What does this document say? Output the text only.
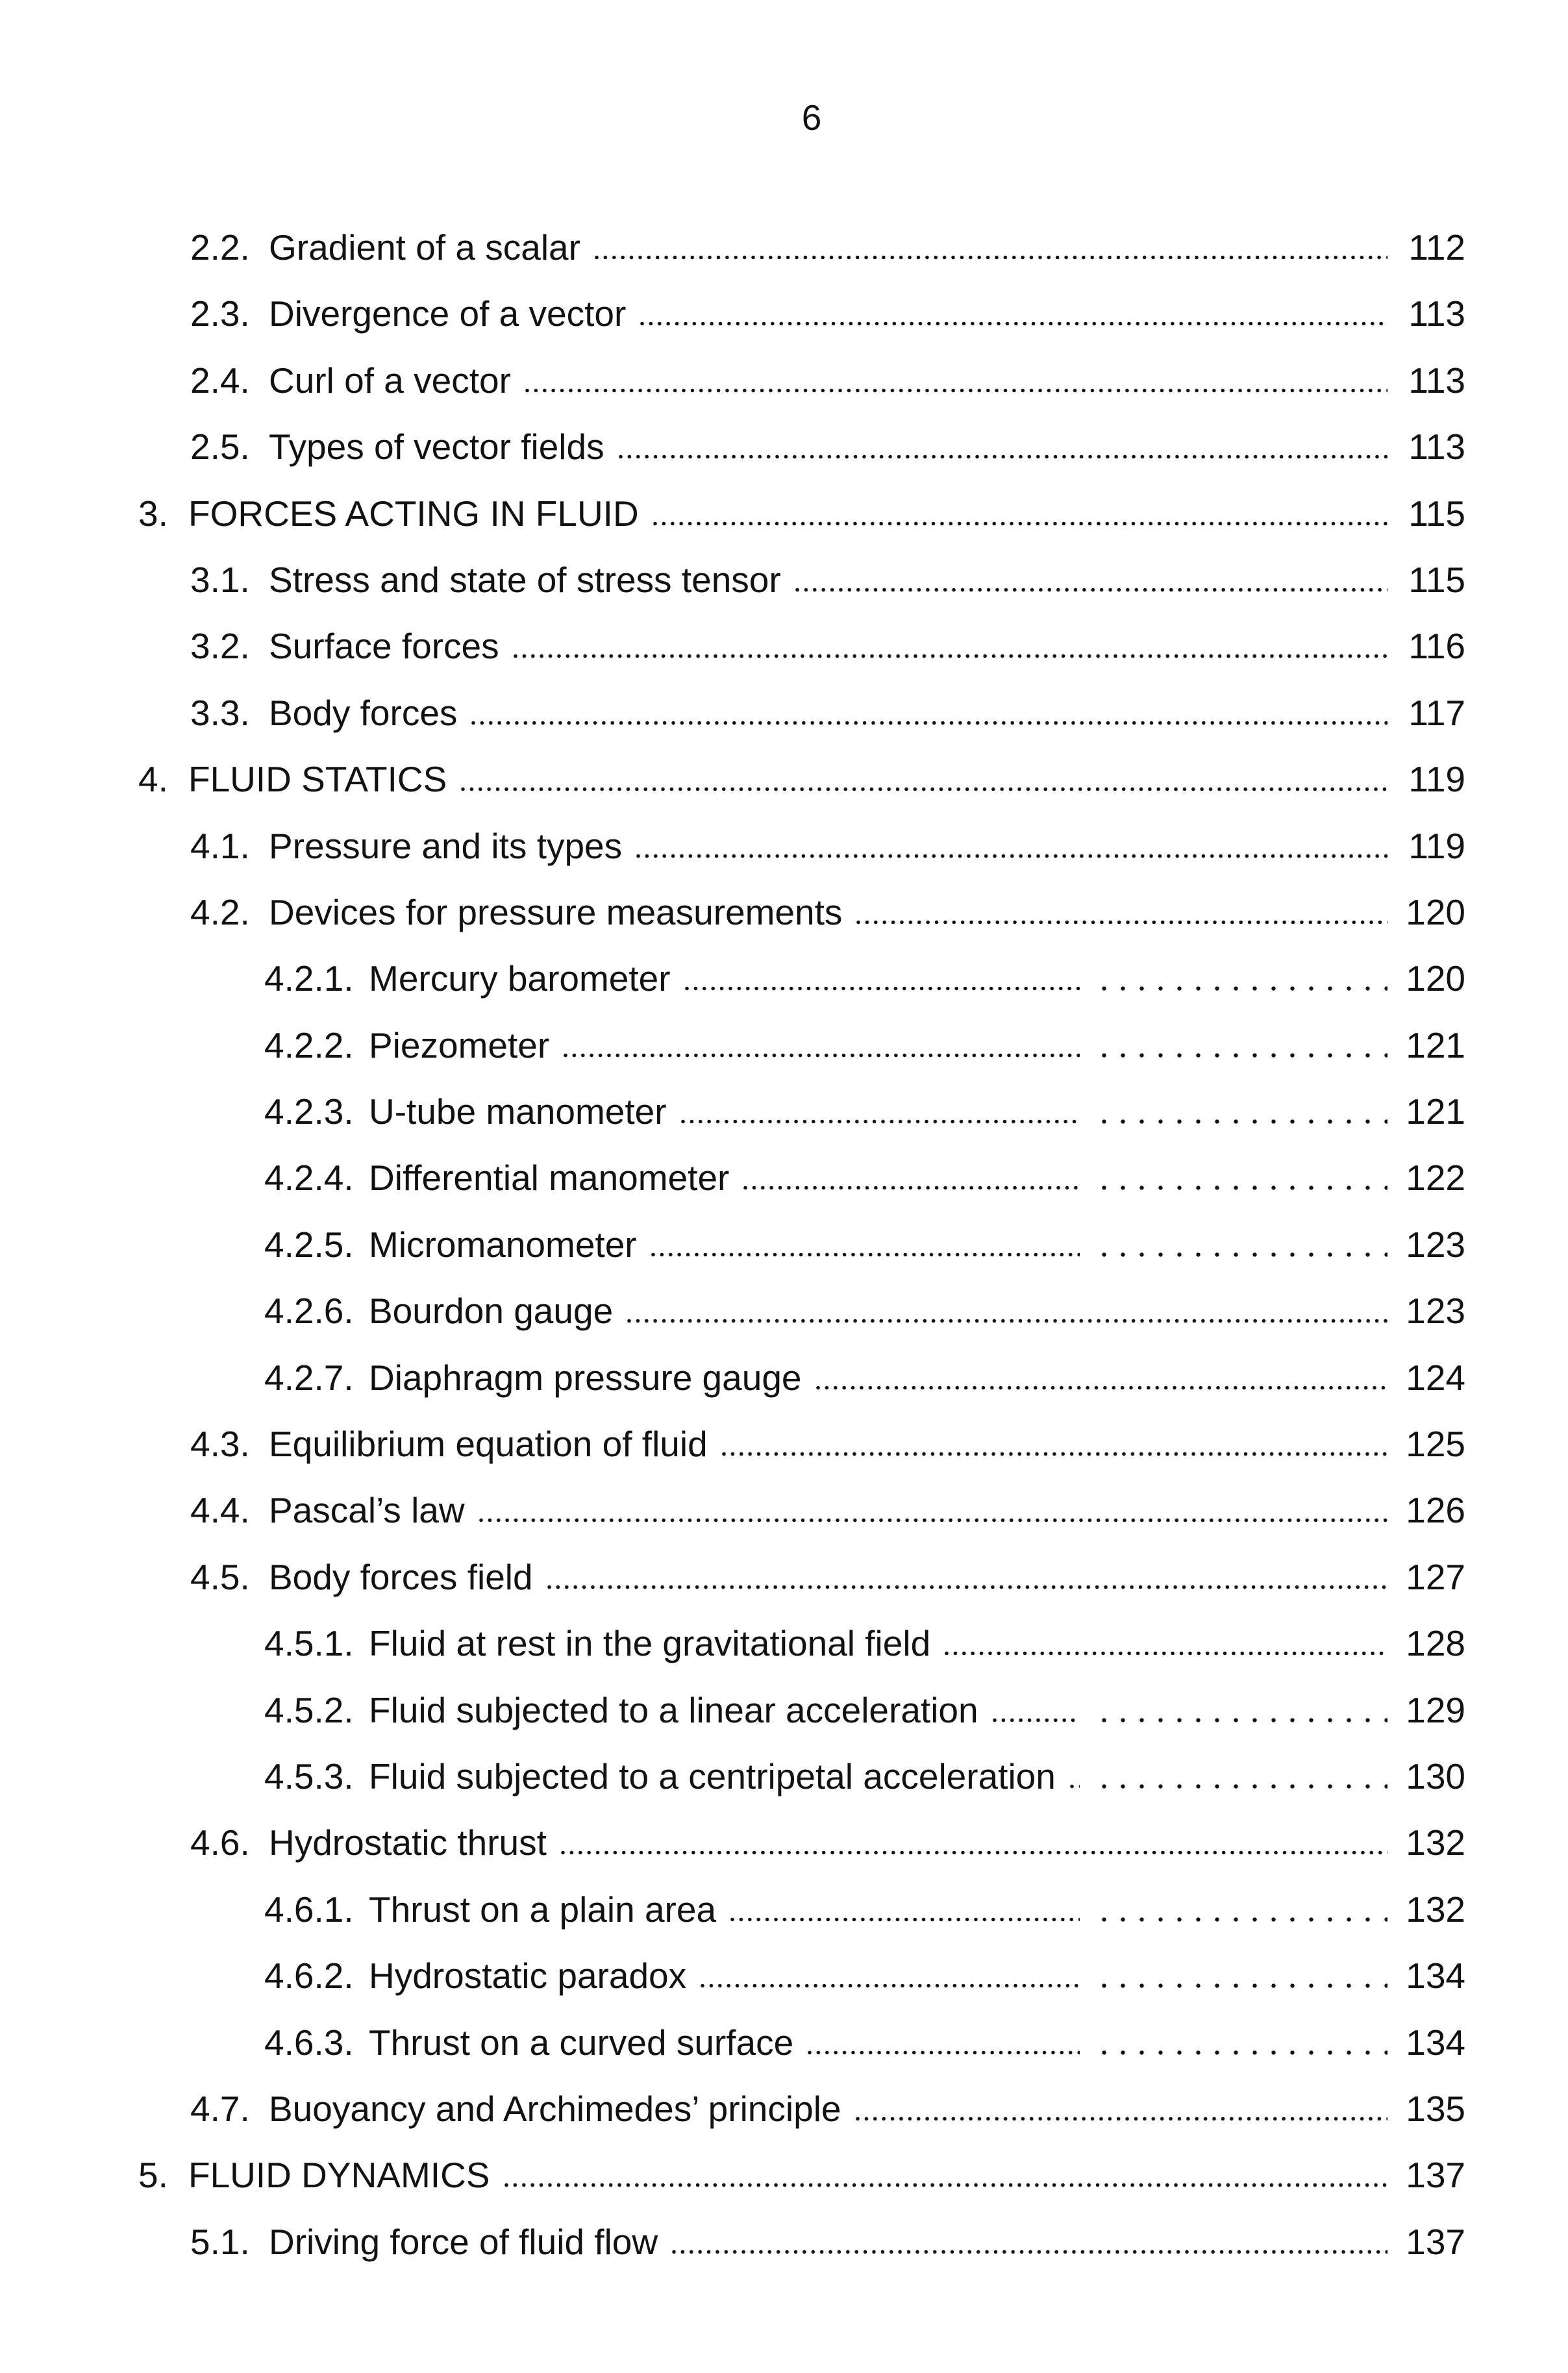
6
2.2. Gradient of a scalar	112
2.3. Divergence of a vector	113
2.4. Curl of a vector	113
2.5. Types of vector fields	113
3. FORCES ACTING IN FLUID	115
3.1. Stress and state of stress tensor	115
3.2. Surface forces	116
3.3. Body forces	117
4. FLUID STATICS	119
4.1. Pressure and its types	119
4.2. Devices for pressure measurements	120
4.2.1. Mercury barometer	120
4.2.2. Piezometer	121
4.2.3. U-tube manometer	121
4.2.4. Differential manometer	122
4.2.5. Micromanometer	123
4.2.6. Bourdon gauge	123
4.2.7. Diaphragm pressure gauge	124
4.3. Equilibrium equation of fluid	125
4.4. Pascal’s law	126
4.5. Body forces field	127
4.5.1. Fluid at rest in the gravitational field	128
4.5.2. Fluid subjected to a linear acceleration	129
4.5.3. Fluid subjected to a centripetal acceleration	130
4.6. Hydrostatic thrust	132
4.6.1. Thrust on a plain area	132
4.6.2. Hydrostatic paradox	134
4.6.3. Thrust on a curved surface	134
4.7. Buoyancy and Archimedes’ principle	135
5. FLUID DYNAMICS	137
5.1. Driving force of fluid flow	137
